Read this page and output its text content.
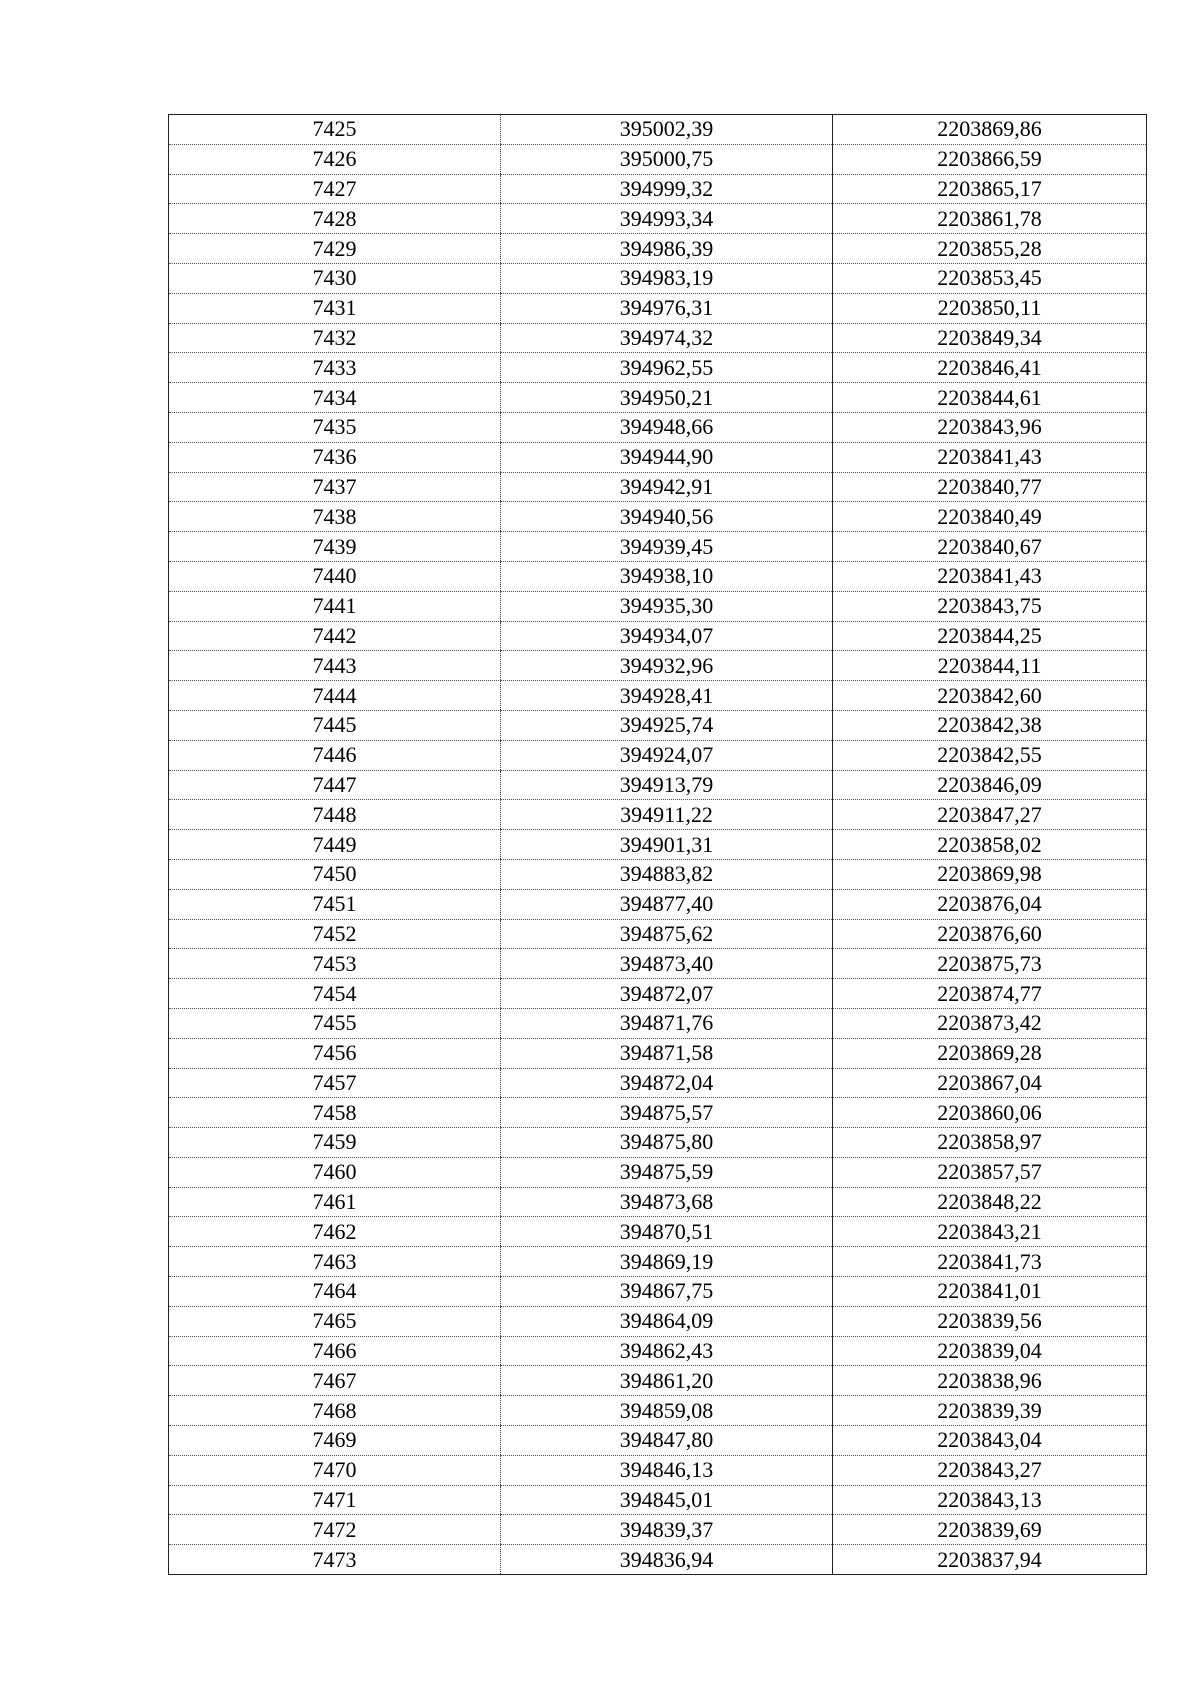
7425	395002,39	2203869,86
7426	395000,75	2203866,59
7427	394999,32	2203865,17
7428	394993,34	2203861,78
7429	394986,39	2203855,28
7430	394983,19	2203853,45
7431	394976,31	2203850,11
7432	394974,32	2203849,34
7433	394962,55	2203846,41
7434	394950,21	2203844,61
7435	394948,66	2203843,96
7436	394944,90	2203841,43
7437	394942,91	2203840,77
7438	394940,56	2203840,49
7439	394939,45	2203840,67
7440	394938,10	2203841,43
7441	394935,30	2203843,75
7442	394934,07	2203844,25
7443	394932,96	2203844,11
7444	394928,41	2203842,60
7445	394925,74	2203842,38
7446	394924,07	2203842,55
7447	394913,79	2203846,09
7448	394911,22	2203847,27
7449	394901,31	2203858,02
7450	394883,82	2203869,98
7451	394877,40	2203876,04
7452	394875,62	2203876,60
7453	394873,40	2203875,73
7454	394872,07	2203874,77
7455	394871,76	2203873,42
7456	394871,58	2203869,28
7457	394872,04	2203867,04
7458	394875,57	2203860,06
7459	394875,80	2203858,97
7460	394875,59	2203857,57
7461	394873,68	2203848,22
7462	394870,51	2203843,21
7463	394869,19	2203841,73
7464	394867,75	2203841,01
7465	394864,09	2203839,56
7466	394862,43	2203839,04
7467	394861,20	2203838,96
7468	394859,08	2203839,39
7469	394847,80	2203843,04
7470	394846,13	2203843,27
7471	394845,01	2203843,13
7472	394839,37	2203839,69
7473	394836,94	2203837,94
